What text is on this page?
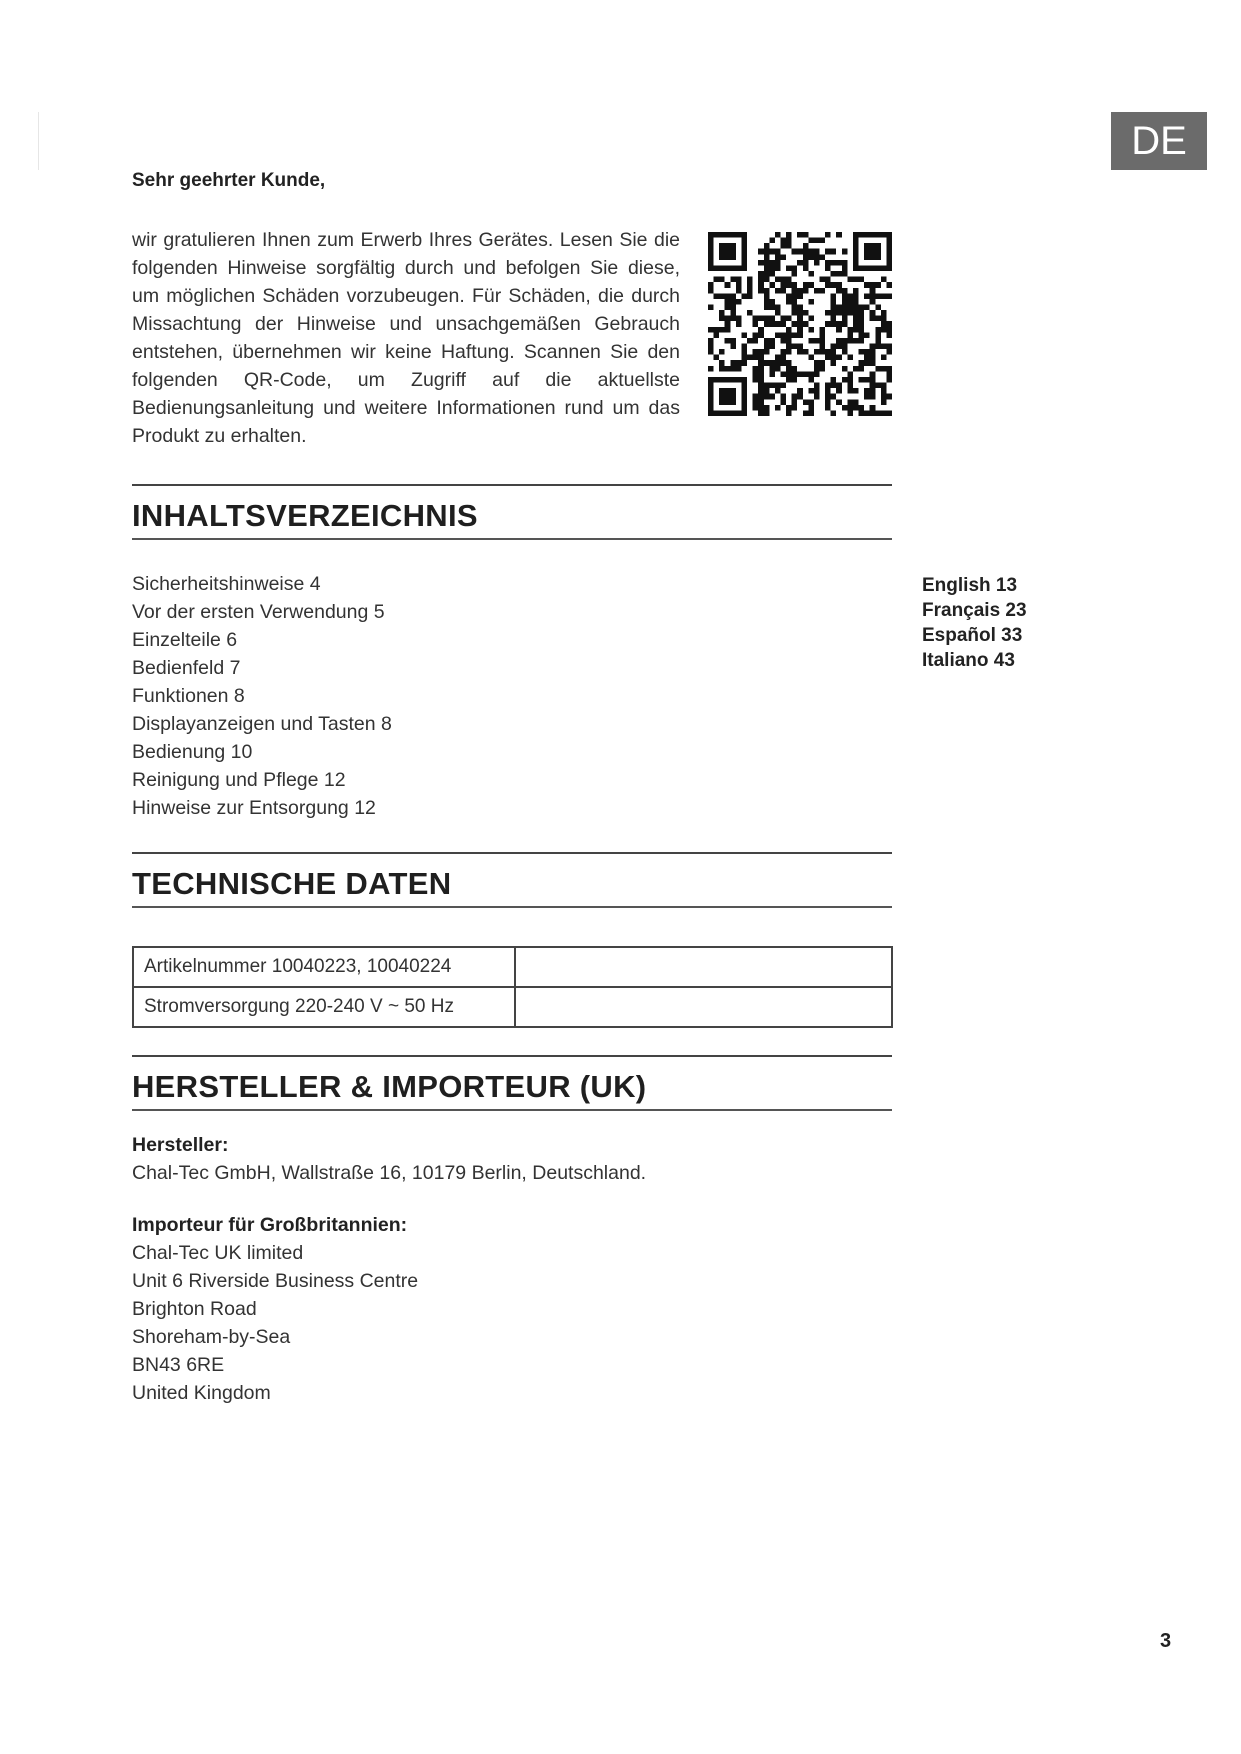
DE
Sehr geehrter Kunde,
wir gratulieren Ihnen zum Erwerb Ihres Gerätes. Lesen Sie die folgenden Hinweise sorgfältig durch und befolgen Sie diese, um möglichen Schäden vorzubeugen. Für Schäden, die durch Missachtung der Hinweise und unsachgemäßen Gebrauch entstehen, übernehmen wir keine Haftung. Scannen Sie den folgenden QR-Code, um Zugriff auf die aktuellste Bedienungsanleitung und weitere Informationen rund um das Produkt zu erhalten.
INHALTSVERZEICHNIS
Sicherheitshinweise 4
Vor der ersten Verwendung 5
Einzelteile 6
Bedienfeld 7
Funktionen 8
Displayanzeigen und Tasten 8
Bedienung 10
Reinigung und Pflege 12
Hinweise zur Entsorgung 12
English 13
Français 23
Español 33
Italiano 43
TECHNISCHE DATEN
Artikelnummer 10040223, 10040224	
Stromversorgung 220-240 V ~ 50 Hz	
HERSTELLER & IMPORTEUR (UK)
Hersteller:
Chal-Tec GmbH, Wallstraße 16, 10179 Berlin, Deutschland.
Importeur für Großbritannien:
Chal-Tec UK limited
Unit 6 Riverside Business Centre
Brighton Road
Shoreham-by-Sea
BN43 6RE
United Kingdom
3
